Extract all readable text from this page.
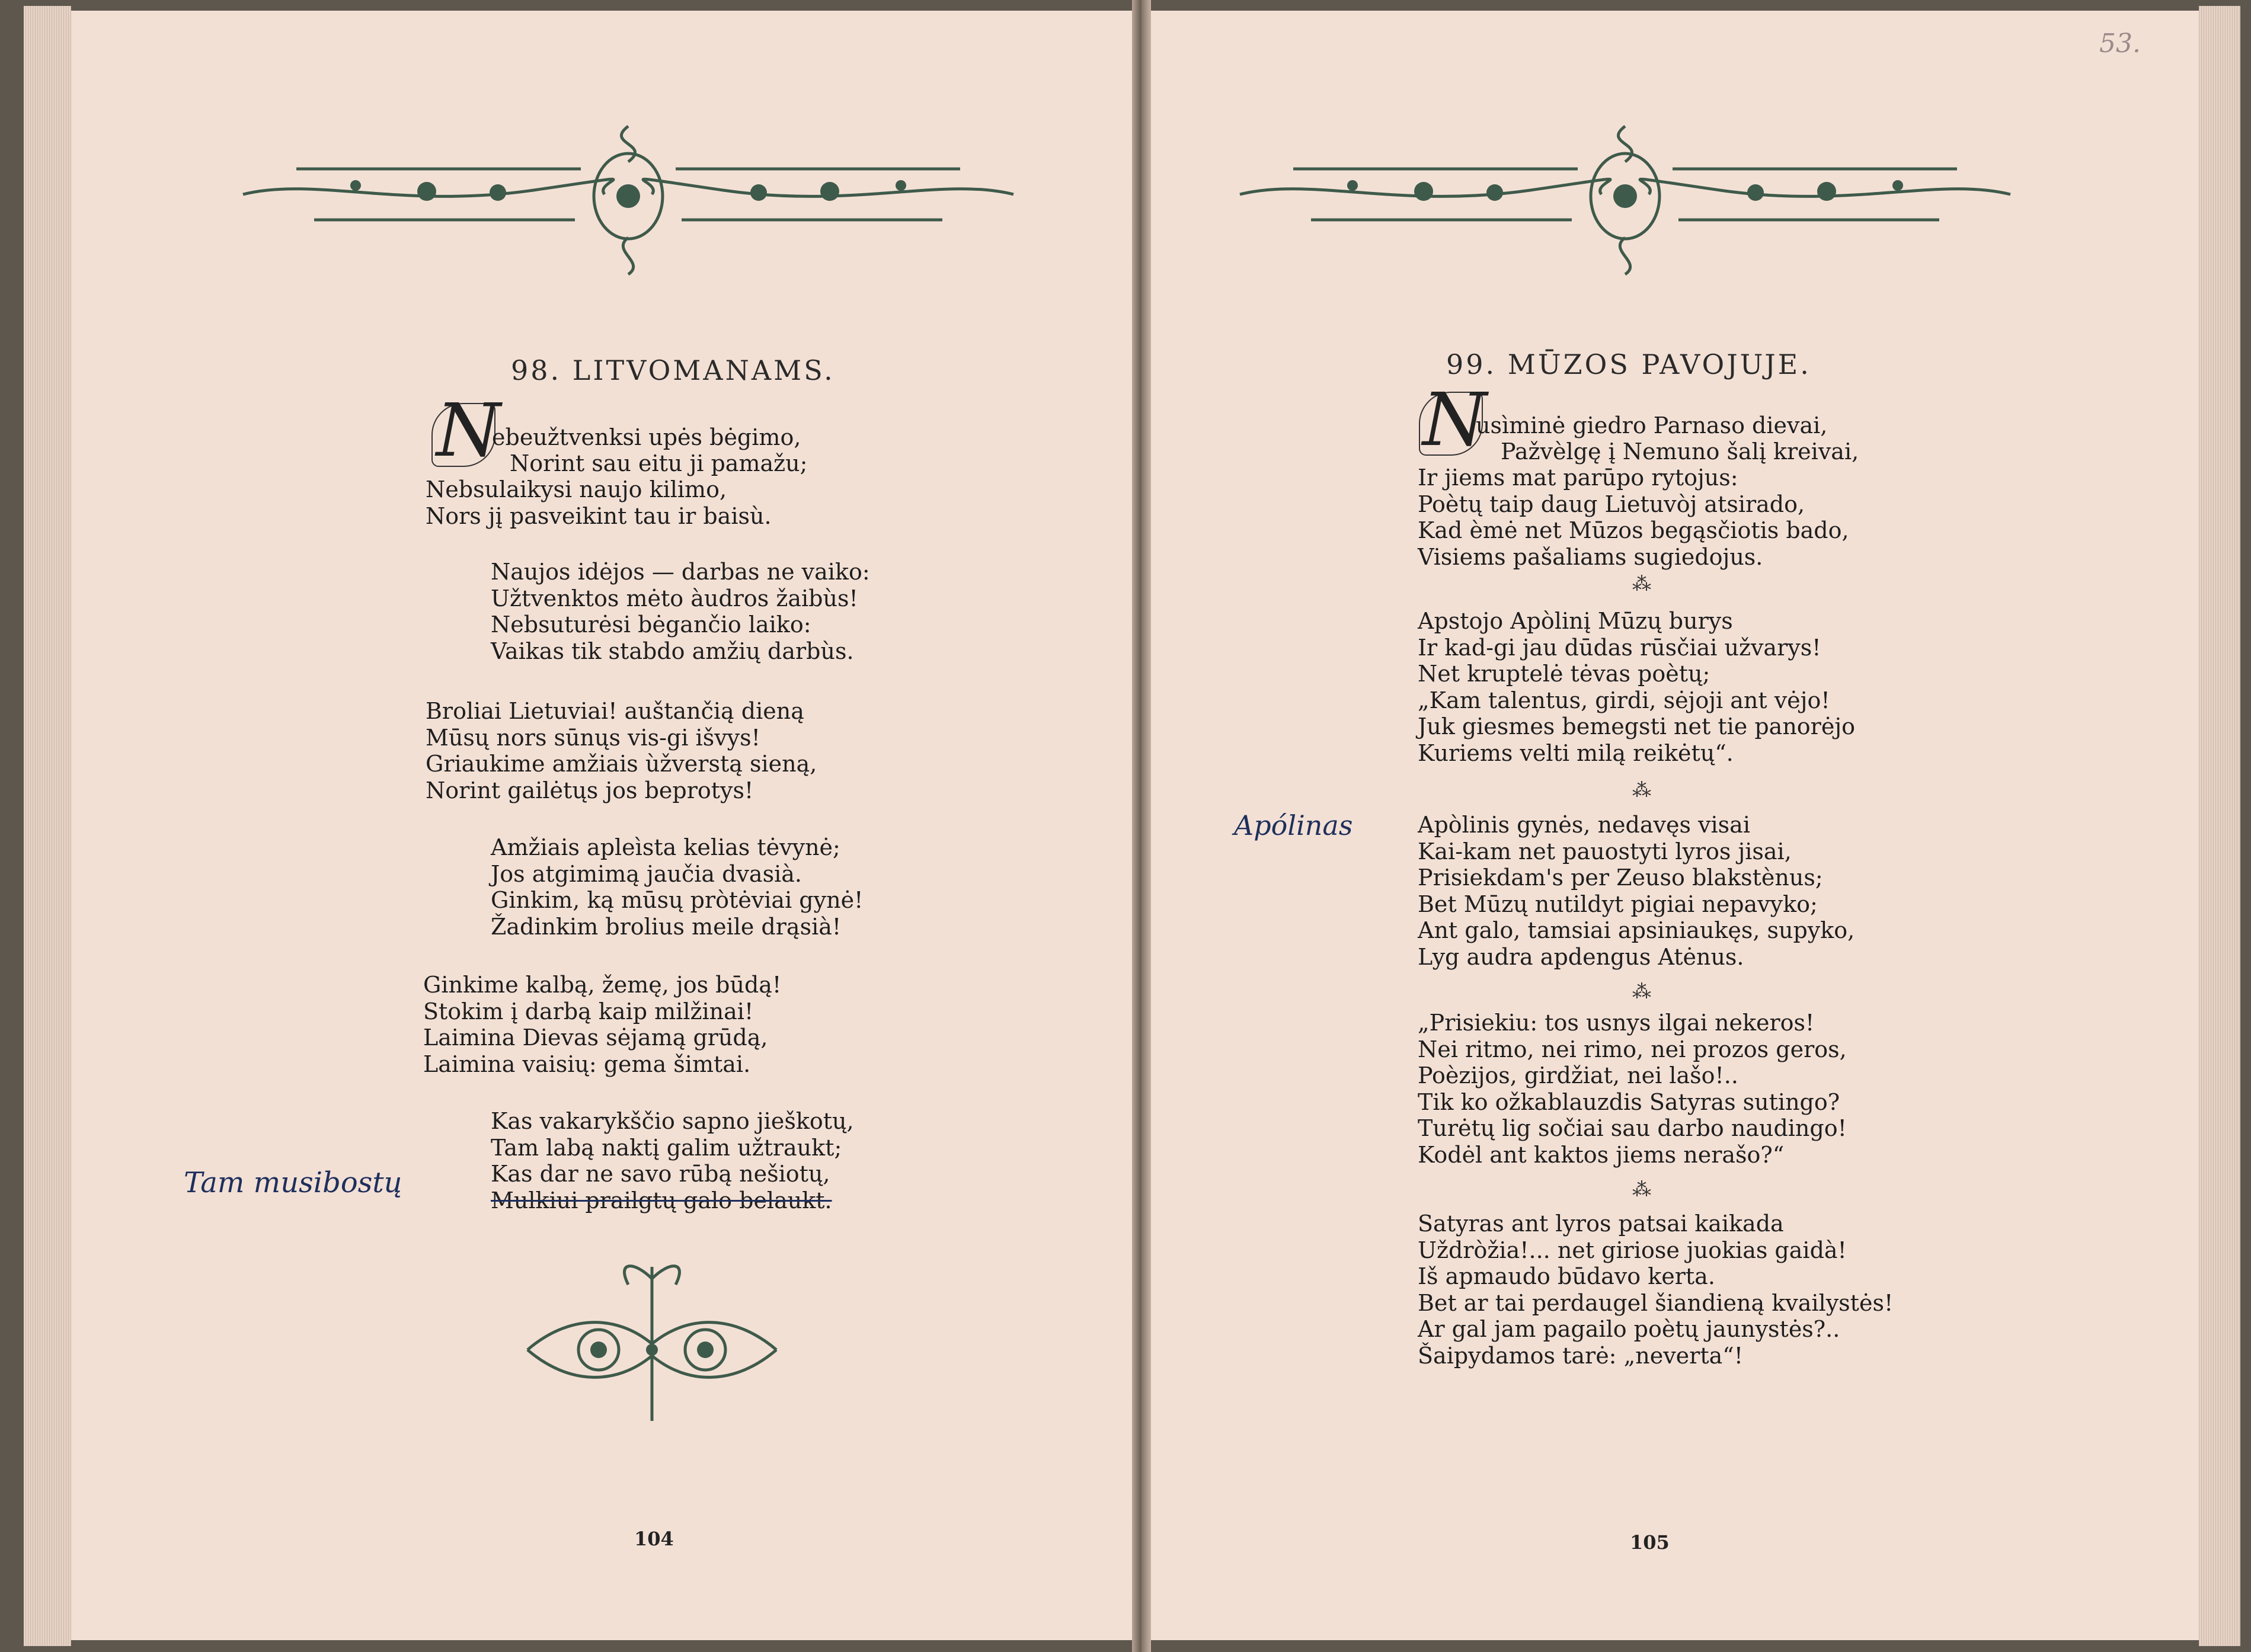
98. LITVOMANAMS.
N
ebeužtvenksi upės bėgimo,
Norint sau eitu ji pamažu;
Nebsulaikysi naujo kilimo,
Nors jį pasveikint tau ir baisù.
Naujos idėjos — darbas ne vaiko:
Užtvenktos mėto àudros žaibùs!
Nebsuturėsi bėgančio laiko:
Vaikas tik stabdo amžių darbùs.
Broliai Lietuviai! auštančią dieną
Mūsų nors sūnųs vis-gi išvys!
Griaukime amžiais ùžverstą sieną,
Norint gailėtųs jos beprotys!
Amžiais apleìsta kelias tėvynė;
Jos atgimimą jaučia dvasià.
Ginkim, ką mūsų pròtėviai gynė!
Žadinkim brolius meile drąsià!
Ginkime kalbą, žemę, jos būdą!
Stokim į darbą kaip milžinai!
Laimina Dievas sėjamą grūdą,
Laimina vaisių: gema šimtai.
Kas vakarykščio sapno jieškotų,
Tam labą naktį galim užtraukt;
Kas dar ne savo rūbą nešiotų,
Mulkiui prailgtų galo belaukt.
Tam musibostų
104
53.
99. MŪZOS PAVOJUJE.
N
usìminė giedro Parnaso dievai,
Pažvèlgę į Nemuno šalį kreivai,
Ir jiems mat parūpo rytojus:
Poètų taip daug Lietuvòj atsirado,
Kad èmė net Mūzos begąsčiotis bado,
Visiems pašaliams sugiedojus.
⁂
Apstojo Apòlinį Mūzų burys
Ir kad-gi jau dūdas rūsčiai užvarys!
Net kruptelė tėvas poètų;
„Kam talentus, girdi, sėjoji ant vėjo!
Juk giesmes bemegsti net tie panorėjo
Kuriems velti milą reikėtų“.
⁂
Apólinas	Apòlinis gynės, nedavęs visai
Kai-kam net pauostyti lyros jisai,
Prisiekdam's per Zeuso blakstènus;
Bet Mūzų nutildyt pigiai nepavyko;
Ant galo, tamsiai apsiniaukęs, supyko,
Lyg audra apdengus Atėnus.
⁂
„Prisiekiu: tos usnys ilgai nekeros!
Nei ritmo, nei rimo, nei prozos geros,
Poèzijos, girdžiat, nei lašo!..
Tik ko ožkablauzdis Satyras sutingo?
Turėtų lig sočiai sau darbo naudingo!
Kodėl ant kaktos jiems nerašo?“
⁂
Satyras ant lyros patsai kaikada
Uždròžia!... net giriose juokias gaidà!
Iš apmaudo būdavo kerta.
Bet ar tai perdaugel šiandieną kvailystės!
Ar gal jam pagailo poètų jaunystės?..
Šaipydamos tarė: „neverta“!
105
